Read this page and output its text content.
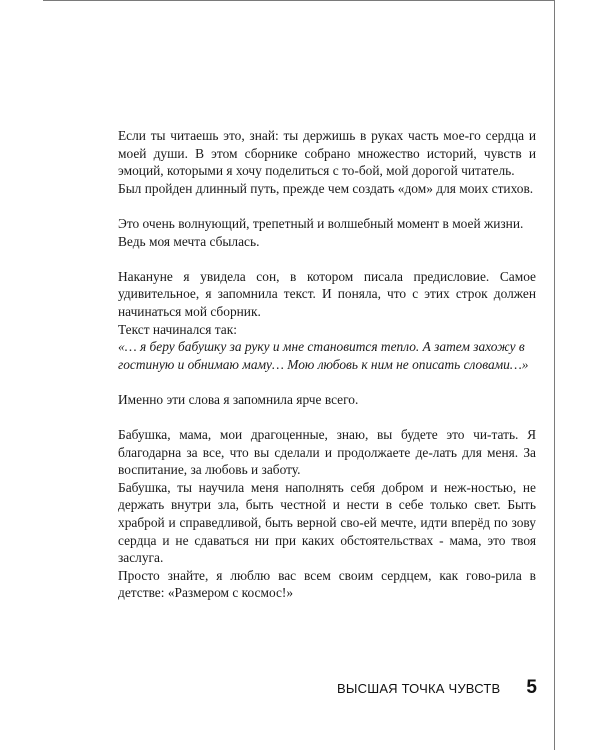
Если ты читаешь это, знай: ты держишь в руках часть мое-го сердца и моей души. В этом сборнике собрано множество историй, чувств и эмоций, которыми я хочу поделиться с то-бой, мой дорогой читатель.

Был пройден длинный путь, прежде чем создать «дом» для моих стихов.

Это очень волнующий, трепетный и волшебный момент в моей жизни.

Ведь моя мечта сбылась.

Накануне я увидела сон, в котором писала предисловие. Самое удивительное, я запомнила текст. И поняла, что с этих строк должен начинаться мой сборник.

Текст начинался так:

«… я беру бабушку за руку и мне становится тепло. А затем захожу в гостиную и обнимаю маму… Мою любовь к ним не описать словами…»

Именно эти слова я запомнила ярче всего.

Бабушка, мама, мои драгоценные, знаю, вы будете это чи-тать. Я благодарна за все, что вы сделали и продолжаете де-лать для меня. За воспитание, за любовь и заботу.

Бабушка, ты научила меня наполнять себя добром и неж-ностью, не держать внутри зла, быть честной и нести в себе только свет. Быть храброй и справедливой, быть верной сво-ей мечте, идти вперёд по зову сердца и не сдаваться ни при каких обстоятельствах - мама, это твоя заслуга.

Просто знайте, я люблю вас всем своим сердцем, как гово-рила в детстве: «Размером с космос!»

ВЫСШАЯ ТОЧКА ЧУВСТВ 5
